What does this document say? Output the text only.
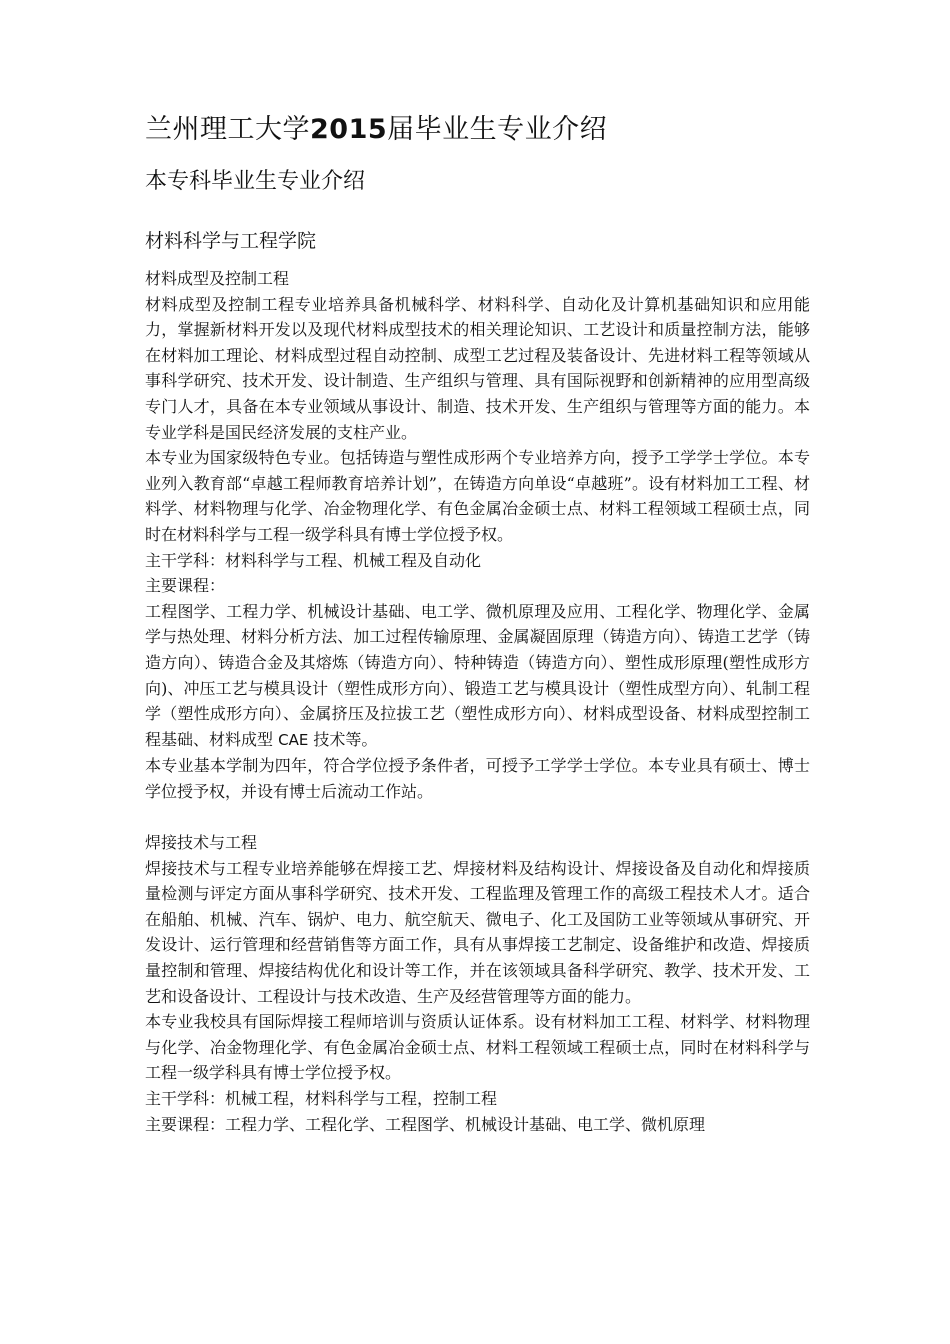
兰州理工大学2015届毕业生专业介绍
本专科毕业生专业介绍
材料科学与工程学院

材料成型及控制工程

材料成型及控制工程专业培养具备机械科学、材料科学、自动化及计算机基础知识和应用能力，掌握新材料开发以及现代材料成型技术的相关理论知识、工艺设计和质量控制方法，能够在材料加工理论、材料成型过程自动控制、成型工艺过程及装备设计、先进材料工程等领域从事科学研究、技术开发、设计制造、生产组织与管理、具有国际视野和创新精神的应用型高级专门人才，具备在本专业领域从事设计、制造、技术开发、生产组织与管理等方面的能力。本专业学科是国民经济发展的支柱产业。

本专业为国家级特色专业。包括铸造与塑性成形两个专业培养方向，授予工学学士学位。本专业列入教育部“卓越工程师教育培养计划”，在铸造方向单设“卓越班”。设有材料加工工程、材料学、材料物理与化学、冶金物理化学、有色金属冶金硕士点、材料工程领域工程硕士点，同时在材料科学与工程一级学科具有博士学位授予权。

主干学科：材料科学与工程、机械工程及自动化

主要课程：

工程图学、工程力学、机械设计基础、电工学、微机原理及应用、工程化学、物理化学、金属学与热处理、材料分析方法、加工过程传输原理、金属凝固原理（铸造方向）、铸造工艺学（铸造方向）、铸造合金及其熔炼（铸造方向）、特种铸造（铸造方向）、塑性成形原理(塑性成形方向)、冲压工艺与模具设计（塑性成形方向）、锻造工艺与模具设计（塑性成型方向）、轧制工程学（塑性成形方向）、金属挤压及拉拔工艺（塑性成形方向）、材料成型设备、材料成型控制工程基础、材料成型 CAE 技术等。

本专业基本学制为四年，符合学位授予条件者，可授予工学学士学位。本专业具有硕士、博士学位授予权，并设有博士后流动工作站。

焊接技术与工程

焊接技术与工程专业培养能够在焊接工艺、焊接材料及结构设计、焊接设备及自动化和焊接质量检测与评定方面从事科学研究、技术开发、工程监理及管理工作的高级工程技术人才。适合在船舶、机械、汽车、锅炉、电力、航空航天、微电子、化工及国防工业等领域从事研究、开发设计、运行管理和经营销售等方面工作，具有从事焊接工艺制定、设备维护和改造、焊接质量控制和管理、焊接结构优化和设计等工作，并在该领域具备科学研究、教学、技术开发、工艺和设备设计、工程设计与技术改造、生产及经营管理等方面的能力。

本专业我校具有国际焊接工程师培训与资质认证体系。设有材料加工工程、材料学、材料物理与化学、冶金物理化学、有色金属冶金硕士点、材料工程领域工程硕士点，同时在材料科学与工程一级学科具有博士学位授予权。

主干学科：机械工程，材料科学与工程，控制工程

主要课程：工程力学、工程化学、工程图学、机械设计基础、电工学、微机原理
